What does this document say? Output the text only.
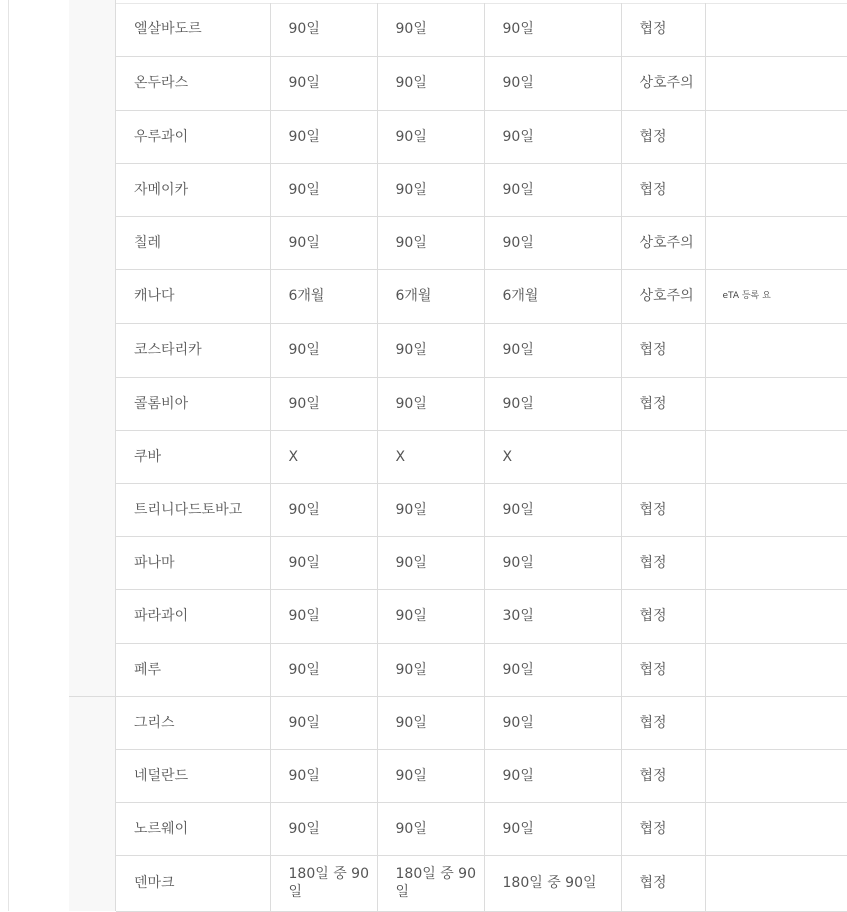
엘살바도르	90일	90일	90일	협정	
온두라스	90일	90일	90일	상호주의	
우루과이	90일	90일	90일	협정	
자메이카	90일	90일	90일	협정	
칠레	90일	90일	90일	상호주의	
캐나다	6개월	6개월	6개월	상호주의	eTA 등록 요
코스타리카	90일	90일	90일	협정	
콜롬비아	90일	90일	90일	협정	
쿠바	X	X	X		
트리니다드토바고	90일	90일	90일	협정	
파나마	90일	90일	90일	협정	
파라과이	90일	90일	30일	협정	
페루	90일	90일	90일	협정	
그리스	90일	90일	90일	협정	
네덜란드	90일	90일	90일	협정	
노르웨이	90일	90일	90일	협정	
덴마크	180일 중 90일	180일 중 90일	180일 중 90일	협정	
